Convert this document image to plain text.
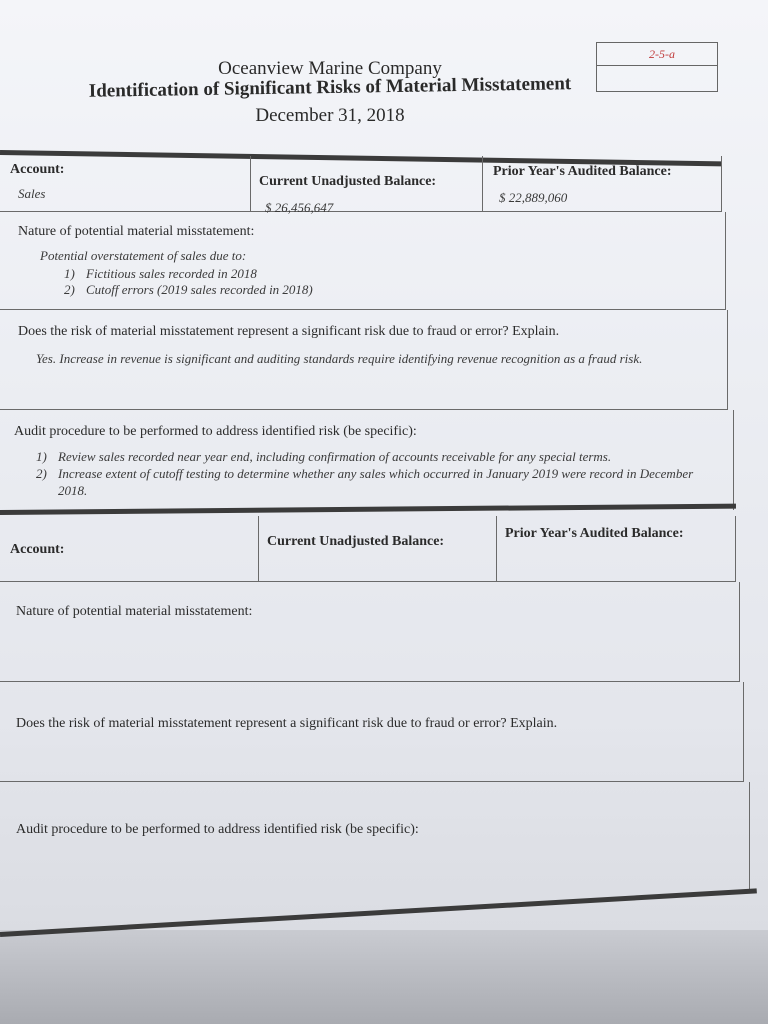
2-5-a
Oceanview Marine Company
Identification of Significant Risks of Material Misstatement
December 31, 2018
Account:
Sales
Current Unadjusted Balance:
$ 26,456,647
Prior Year's Audited Balance:
$ 22,889,060
Nature of potential material misstatement:
Potential overstatement of sales due to:
1) Fictitious sales recorded in 2018
2) Cutoff errors (2019 sales recorded in 2018)
Does the risk of material misstatement represent a significant risk due to fraud or error? Explain.
Yes. Increase in revenue is significant and auditing standards require identifying revenue recognition as a fraud risk.
Audit procedure to be performed to address identified risk (be specific):
1) Review sales recorded near year end, including confirmation of accounts receivable for any special terms.
2) Increase extent of cutoff testing to determine whether any sales which occurred in January 2019 were record in December 2018.
Account:
Current Unadjusted Balance:
Prior Year's Audited Balance:
Nature of potential material misstatement:
Does the risk of material misstatement represent a significant risk due to fraud or error? Explain.
Audit procedure to be performed to address identified risk (be specific):
